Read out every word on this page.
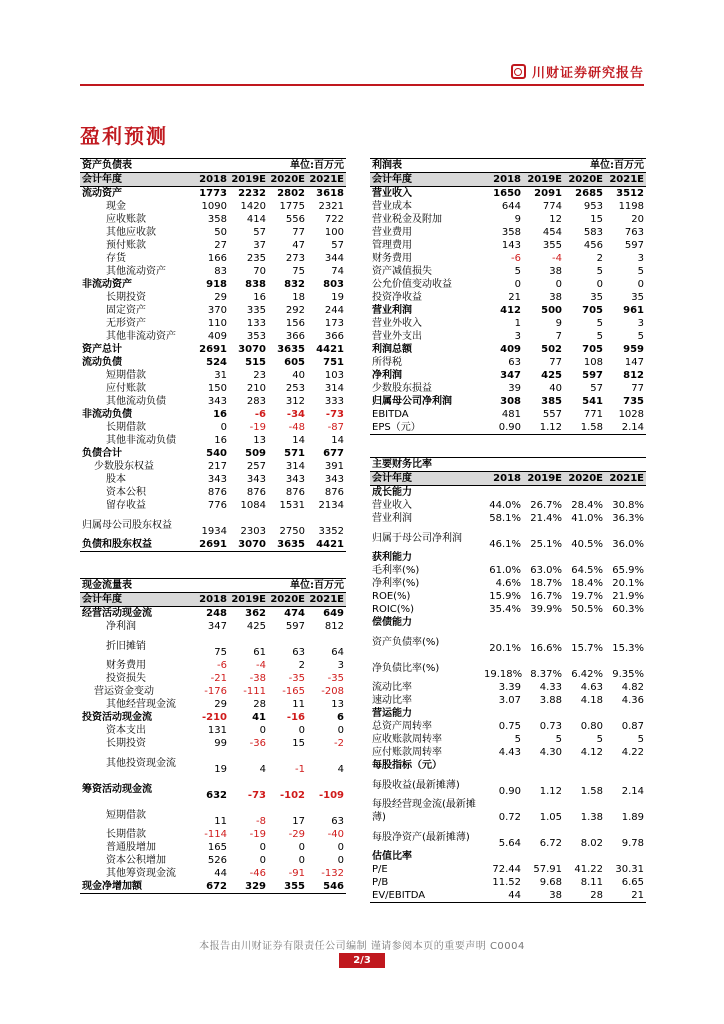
川财证券研究报告
盈利预测
资产负债表			单位:百万元	
会计年度	2018	2019E	2020E	2021E
流动资产	1773	2232	2802	3618
现金	1090	1420	1775	2321
应收账款	358	414	556	722
其他应收款	50	57	77	100
预付账款	27	37	47	57
存货	166	235	273	344
其他流动资产	83	70	75	74
非流动资产	918	838	832	803
长期投资	29	16	18	19
固定资产	370	335	292	244
无形资产	110	133	156	173
其他非流动资产	409	353	366	366
资产总计	2691	3070	3635	4421
流动负债	524	515	605	751
短期借款	31	23	40	103
应付账款	150	210	253	314
其他流动负债	343	283	312	333
非流动负债	16	-6	-34	-73
长期借款	0	-19	-48	-87
其他非流动负债	16	13	14	14
负债合计	540	509	571	677
少数股东权益	217	257	314	391
股本	343	343	343	343
资本公积	876	876	876	876
留存收益	776	1084	1531	2134
归属母公司股东权益	1934	2303	2750	3352
负债和股东权益	2691	3070	3635	4421
现金流量表			单位:百万元	
会计年度	2018	2019E	2020E	2021E
经营活动现金流	248	362	474	649
净利润	347	425	597	812
折旧摊销	75	61	63	64
财务费用	-6	-4	2	3
投资损失	-21	-38	-35	-35
营运资金变动	-176	-111	-165	-208
其他经营现金流	29	28	11	13
投资活动现金流	-210	41	-16	6
资本支出	131	0	0	0
长期投资	99	-36	15	-2
其他投资现金流	19	4	-1	4
筹资活动现金流	632	-73	-102	-109
短期借款	11	-8	17	63
长期借款	-114	-19	-29	-40
普通股增加	165	0	0	0
资本公积增加	526	0	0	0
其他筹资现金流	44	-46	-91	-132
现金净增加额	672	329	355	546
利润表			单位:百万元	
会计年度	2018	2019E	2020E	2021E
营业收入	1650	2091	2685	3512
营业成本	644	774	953	1198
营业税金及附加	9	12	15	20
营业费用	358	454	583	763
管理费用	143	355	456	597
财务费用	-6	-4	2	3
资产减值损失	5	38	5	5
公允价值变动收益	0	0	0	0
投资净收益	21	38	35	35
营业利润	412	500	705	961
营业外收入	1	9	5	3
营业外支出	3	7	5	5
利润总额	409	502	705	959
所得税	63	77	108	147
净利润	347	425	597	812
少数股东损益	39	40	57	77
归属母公司净利润	308	385	541	735
EBITDA	481	557	771	1028
EPS（元）	0.90	1.12	1.58	2.14
主要财务比率				
会计年度	2018	2019E	2020E	2021E
成长能力				
营业收入	44.0%	26.7%	28.4%	30.8%
营业利润	58.1%	21.4%	41.0%	36.3%
归属于母公司净利润	46.1%	25.1%	40.5%	36.0%
获利能力				
毛利率(%)	61.0%	63.0%	64.5%	65.9%
净利率(%)	4.6%	18.7%	18.4%	20.1%
ROE(%)	15.9%	16.7%	19.7%	21.9%
ROIC(%)	35.4%	39.9%	50.5%	60.3%
偿债能力				
资产负债率(%)	20.1%	16.6%	15.7%	15.3%
净负债比率(%)	19.18%	8.37%	6.42%	9.35%
流动比率	3.39	4.33	4.63	4.82
速动比率	3.07	3.88	4.18	4.36
营运能力				
总资产周转率	0.75	0.73	0.80	0.87
应收账款周转率	5	5	5	5
应付账款周转率	4.43	4.30	4.12	4.22
每股指标（元）				
每股收益(最新摊薄)	0.90	1.12	1.58	2.14
每股经营现金流(最新摊薄)	0.72	1.05	1.38	1.89
每股净资产(最新摊薄)	5.64	6.72	8.02	9.78
估值比率				
P/E	72.44	57.91	41.22	30.31
P/B	11.52	9.68	8.11	6.65
EV/EBITDA	44	38	28	21
本报告由川财证券有限责任公司编制 谨请参阅本页的重要声明 C0004
2/3
